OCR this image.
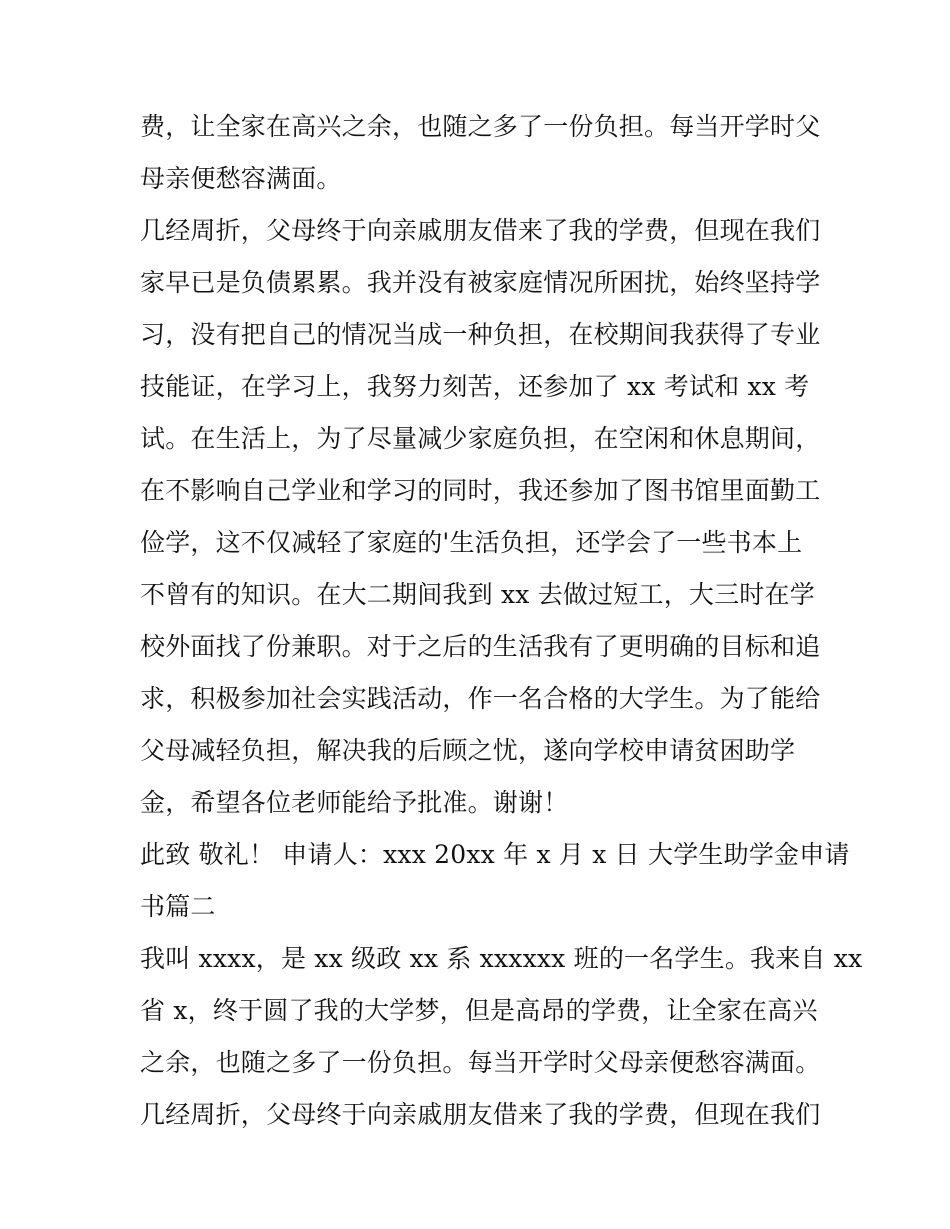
费，让全家在高兴之余，也随之多了一份负担。每当开学时父
母亲便愁容满面。
几经周折，父母终于向亲戚朋友借来了我的学费，但现在我们
家早已是负债累累。我并没有被家庭情况所困扰，始终坚持学
习，没有把自己的情况当成一种负担，在校期间我获得了专业
技能证，在学习上，我努力刻苦，还参加了 xx 考试和 xx 考
试。在生活上，为了尽量减少家庭负担，在空闲和休息期间，
在不影响自己学业和学习的同时，我还参加了图书馆里面勤工
俭学，这不仅减轻了家庭的'生活负担，还学会了一些书本上
不曾有的知识。在大二期间我到 xx 去做过短工，大三时在学
校外面找了份兼职。对于之后的生活我有了更明确的目标和追
求，积极参加社会实践活动，作一名合格的大学生。为了能给
父母减轻负担，解决我的后顾之忧，遂向学校申请贫困助学
金，希望各位老师能给予批准。谢谢！
此致 敬礼！ 申请人：xxx 20xx 年 x 月 x 日 大学生助学金申请
书篇二
我叫 xxxx，是 xx 级政 xx 系 xxxxxx 班的一名学生。我来自 xx
省 x，终于圆了我的大学梦，但是高昂的学费，让全家在高兴
之余，也随之多了一份负担。每当开学时父母亲便愁容满面。
几经周折，父母终于向亲戚朋友借来了我的学费，但现在我们
